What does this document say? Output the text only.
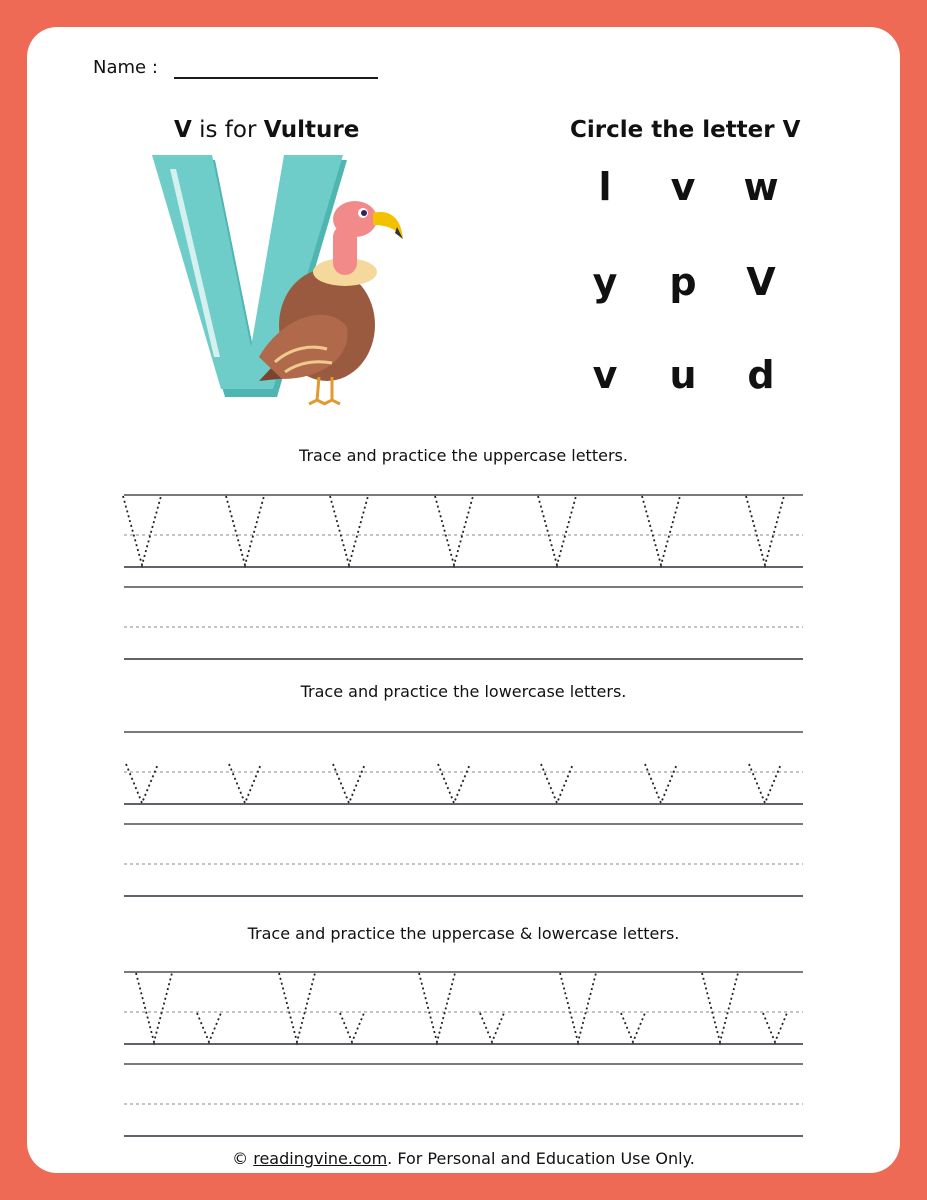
Name :
V is for Vulture	Circle the letter V
l	v	w
y	p	V
v	u	d
Trace and practice the uppercase letters.
Trace and practice the lowercase letters.
Trace and practice the uppercase & lowercase letters.
© readingvine.com. For Personal and Education Use Only.
